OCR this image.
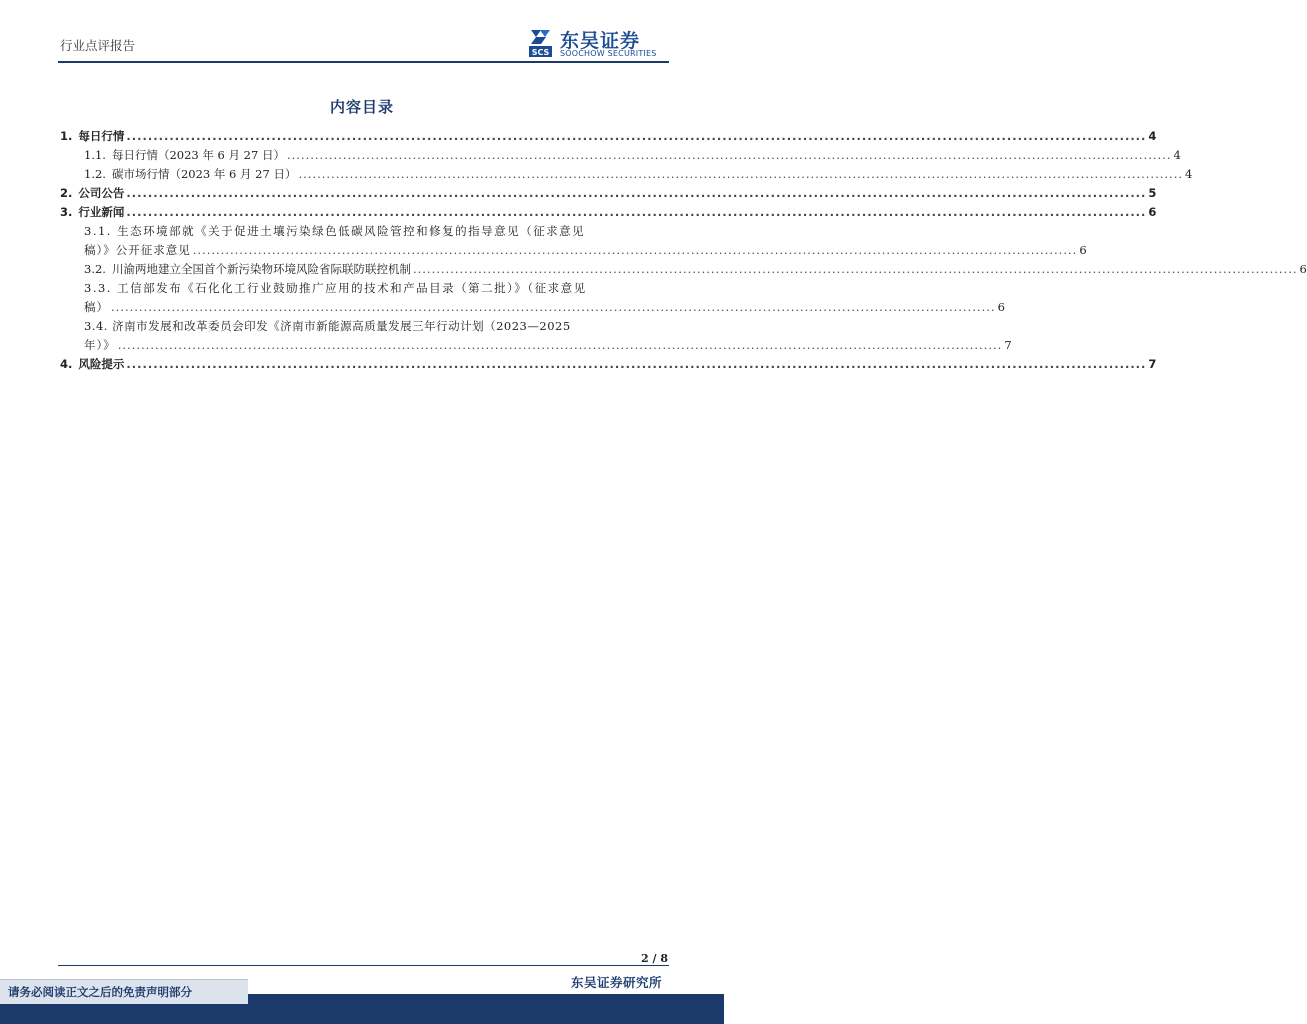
行业点评报告	SCS
东吴证券
SOOCHOW SECURITIES
内容目录
1. 每日行情 .............................................................................................................................................................................................. 4
1.1. 每日行情（2023 年 6 月 27 日） .............................................................................................................................................................................................. 4
1.2. 碳市场行情（2023 年 6 月 27 日） .............................................................................................................................................................................................. 4
2. 公司公告 .............................................................................................................................................................................................. 5
3. 行业新闻 .............................................................................................................................................................................................. 6
3.1. 生态环境部就《关于促进土壤污染绿色低碳风险管控和修复的指导意见（征求意见
稿）》公开征求意见 .............................................................................................................................................................................................. 6
3.2. 川渝两地建立全国首个新污染物环境风险省际联防联控机制 .............................................................................................................................................................................................. 6
3.3. 工信部发布《石化化工行业鼓励推广应用的技术和产品目录（第二批）》（征求意见
稿） .............................................................................................................................................................................................. 6
3.4. 济南市发展和改革委员会印发《济南市新能源高质量发展三年行动计划（2023—2025
年）》 .............................................................................................................................................................................................. 7
4. 风险提示 .............................................................................................................................................................................................. 7
2 / 8
东吴证券研究所
请务必阅读正文之后的免责声明部分
